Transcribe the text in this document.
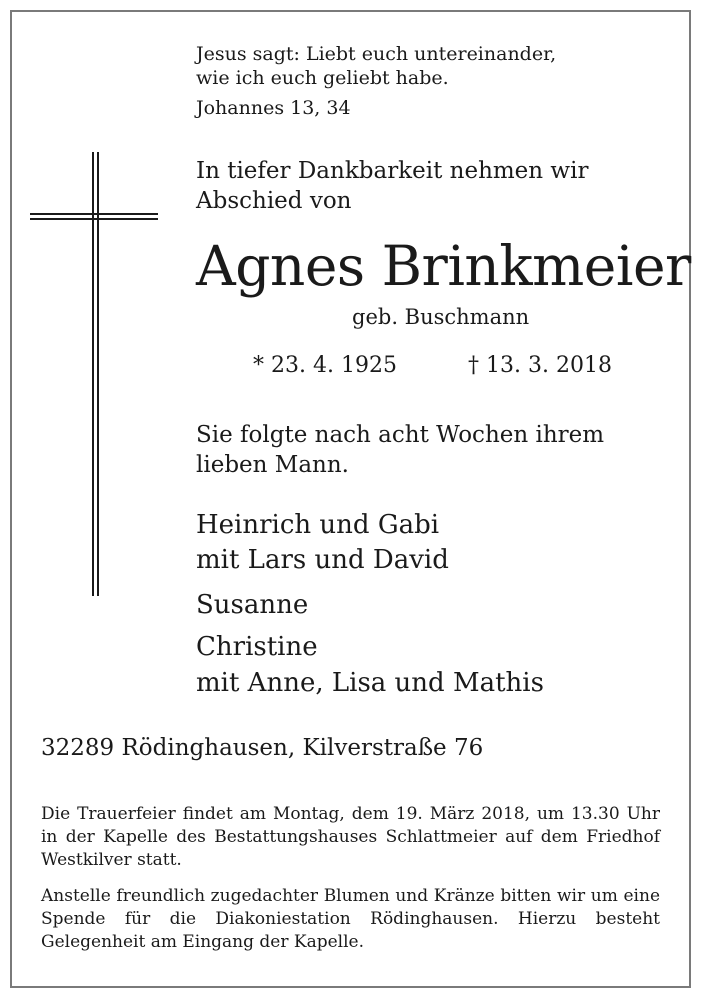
Jesus sagt: Liebt euch untereinander,
wie ich euch geliebt habe.
Johannes 13, 34
In tiefer Dankbarkeit nehmen wir
Abschied von
Agnes Brinkmeier
geb. Buschmann
* 23. 4. 1925	† 13. 3. 2018
Sie folgte nach acht Wochen ihrem
lieben Mann.
Heinrich und Gabi
mit Lars und David
Susanne
Christine
mit Anne, Lisa und Mathis
32289 Rödinghausen, Kilverstraße 76
Die Trauerfeier findet am Montag, dem 19. März 2018, um 13.30 Uhr in der Kapelle des Bestattungshauses Schlattmeier auf dem Friedhof Westkilver statt.
Anstelle freundlich zugedachter Blumen und Kränze bitten wir um eine Spende für die Diakoniestation Rödinghausen. Hierzu besteht Gelegenheit am Eingang der Kapelle.
